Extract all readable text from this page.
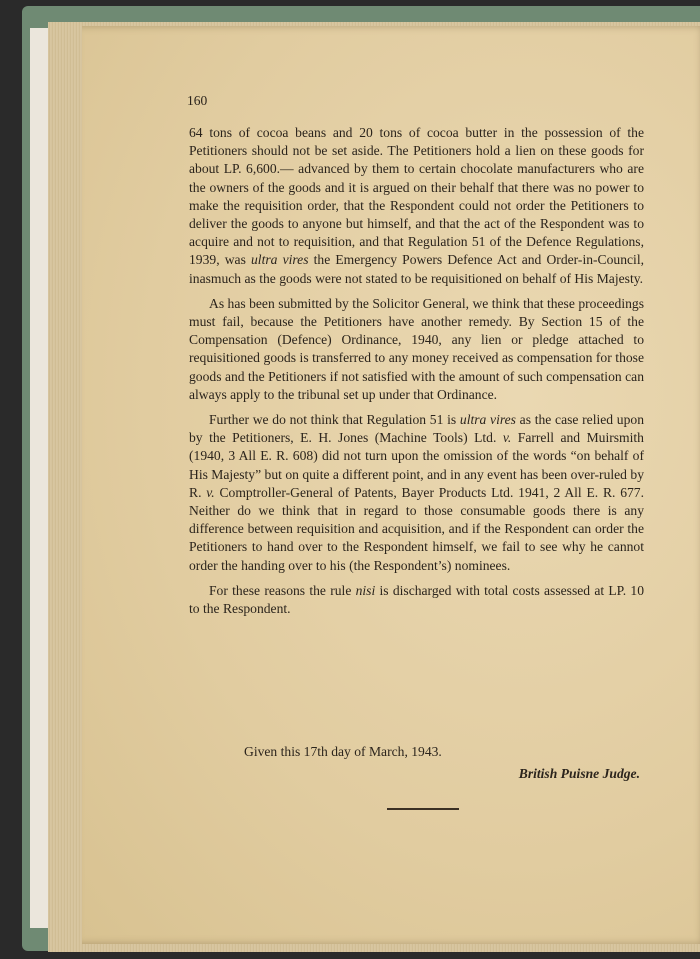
160

64 tons of cocoa beans and 20 tons of cocoa butter in the possession of the Petitioners should not be set aside. The Petitioners hold a lien on these goods for about LP. 6,600.— advanced by them to certain chocolate manufacturers who are the owners of the goods and it is argued on their behalf that there was no power to make the requisition order, that the Respondent could not order the Petitioners to deliver the goods to anyone but himself, and that the act of the Respondent was to acquire and not to requisition, and that Regulation 51 of the Defence Regulations, 1939, was ultra vires the Emergency Powers Defence Act and Order-in-Council, inasmuch as the goods were not stated to be requisitioned on behalf of His Majesty.

As has been submitted by the Solicitor General, we think that these proceedings must fail, because the Petitioners have another remedy. By Section 15 of the Compensation (Defence) Ordinance, 1940, any lien or pledge attached to requisitioned goods is transferred to any money received as compensation for those goods and the Petitioners if not satisfied with the amount of such compensation can always apply to the tribunal set up under that Ordinance.

Further we do not think that Regulation 51 is ultra vires as the case relied upon by the Petitioners, E. H. Jones (Machine Tools) Ltd. v. Farrell and Muirsmith (1940, 3 All E. R. 608) did not turn upon the omission of the words “on behalf of His Majesty” but on quite a different point, and in any event has been over-ruled by R. v. Comptroller-General of Patents, Bayer Products Ltd. 1941, 2 All E. R. 677. Neither do we think that in regard to those consumable goods there is any difference between requisition and acquisition, and if the Respondent can order the Petitioners to hand over to the Respondent himself, we fail to see why he cannot order the handing over to his (the Respondent’s) nominees.

For these reasons the rule nisi is discharged with total costs assessed at LP. 10 to the Respondent.

Given this 17th day of March, 1943.
British Puisne Judge.
